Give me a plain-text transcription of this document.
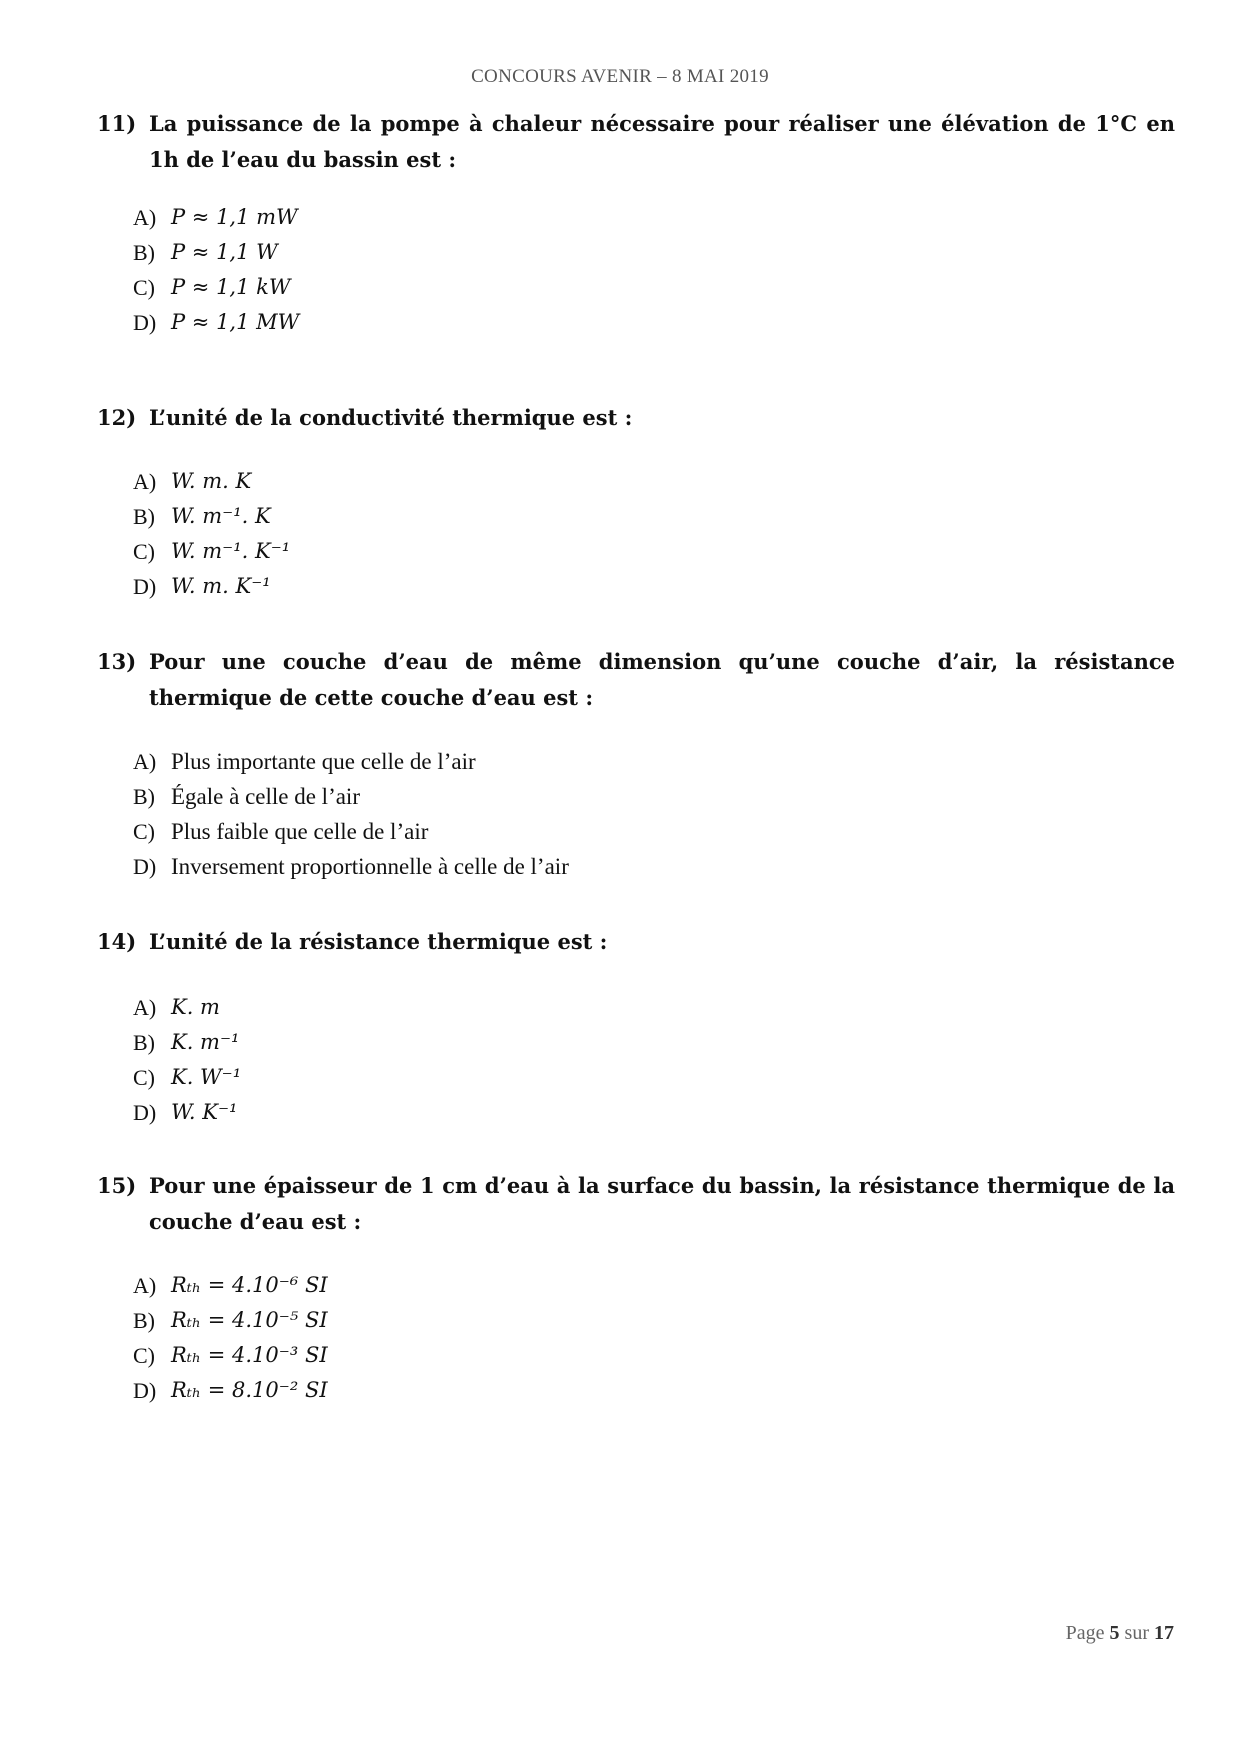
CONCOURS AVENIR – 8 MAI 2019
11) La puissance de la pompe à chaleur nécessaire pour réaliser une élévation de 1°C en 1h de l’eau du bassin est :
A) P ≈ 1,1 mW
B) P ≈ 1,1 W
C) P ≈ 1,1 kW
D) P ≈ 1,1 MW
12) L’unité de la conductivité thermique est :
A) W. m. K
B) W. m⁻¹. K
C) W. m⁻¹. K⁻¹
D) W. m. K⁻¹
13) Pour une couche d’eau de même dimension qu’une couche d’air, la résistance thermique de cette couche d’eau est :
A) Plus importante que celle de l’air
B) Égale à celle de l’air
C) Plus faible que celle de l’air
D) Inversement proportionnelle à celle de l’air
14) L’unité de la résistance thermique est :
A) K. m
B) K. m⁻¹
C) K. W⁻¹
D) W. K⁻¹
15) Pour une épaisseur de 1 cm d’eau à la surface du bassin, la résistance thermique de la couche d’eau est :
A) Rₜₕ = 4.10⁻⁶ SI
B) Rₜₕ = 4.10⁻⁵ SI
C) Rₜₕ = 4.10⁻³ SI
D) Rₜₕ = 8.10⁻² SI
Page 5 sur 17
